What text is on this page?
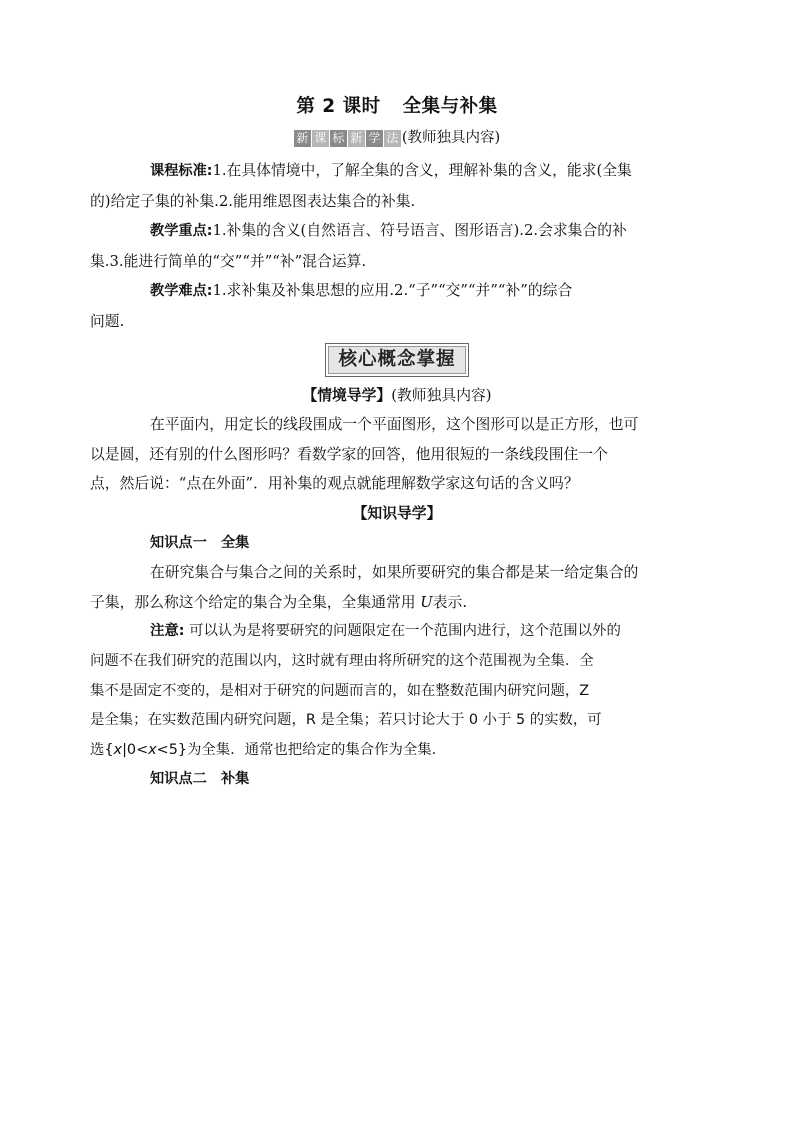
第 2 课时 全集与补集
新 课 标 新 学 法 (教师独具内容)

课程标准:1.在具体情境中，了解全集的含义，理解补集的含义，能求(全集
的)给定子集的补集.2.能用维恩图表达集合的补集.

教学重点:1.补集的含义(自然语言、符号语言、图形语言).2.会求集合的补
集.3.能进行简单的“交”“并”“补”混合运算.

教学难点:1.求补集及补集思想的应用.2.“子”“交”“并”“补”的综合
问题.

核心概念掌握

【情境导学】(教师独具内容)

在平面内，用定长的线段围成一个平面图形，这个图形可以是正方形，也可
以是圆，还有别的什么图形吗？看数学家的回答，他用很短的一条线段围住一个
点，然后说：“点在外面”．用补集的观点就能理解数学家这句话的含义吗？

【知识导学】

知识点一　全集

在研究集合与集合之间的关系时，如果所要研究的集合都是某一给定集合的
子集，那么称这个给定的集合为全集，全集通常用 U表示.

注意: 可以认为是将要研究的问题限定在一个范围内进行，这个范围以外的
问题不在我们研究的范围以内，这时就有理由将所研究的这个范围视为全集．全
集不是固定不变的，是相对于研究的问题而言的，如在整数范围内研究问题，Z
是全集；在实数范围内研究问题，R 是全集；若只讨论大于 0 小于 5 的实数，可
选{x|0<x<5}为全集．通常也把给定的集合作为全集.

知识点二　补集
